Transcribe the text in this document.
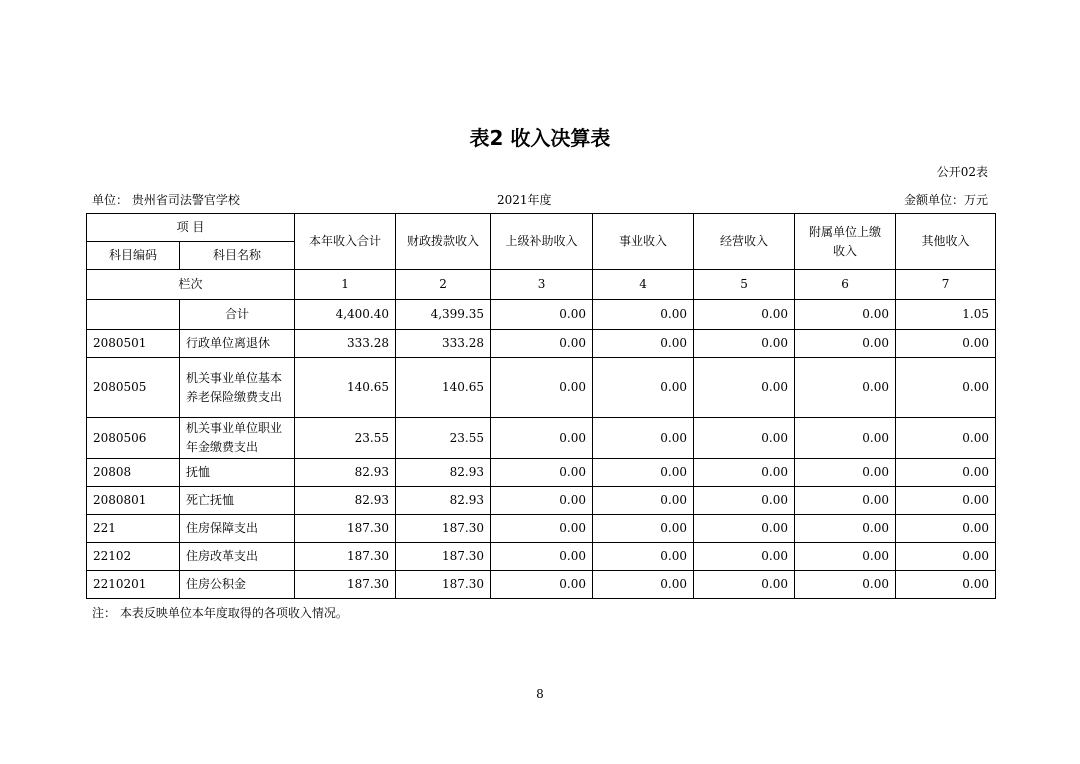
表2 收入决算表
公开02表
单位： 贵州省司法警官学校	2021年度	金额单位：万元
项 目		本年收入合计	财政拨款收入	上级补助收入	事业收入	经营收入	附属单位上缴收入	其他收入
科目编码	科目名称							
栏次		1	2	3	4	5	6	7
	合计	4,400.40	4,399.35	0.00	0.00	0.00	0.00	1.05
2080501	行政单位离退休	333.28	333.28	0.00	0.00	0.00	0.00	0.00
2080505	机关事业单位基本养老保险缴费支出	140.65	140.65	0.00	0.00	0.00	0.00	0.00
2080506	机关事业单位职业年金缴费支出	23.55	23.55	0.00	0.00	0.00	0.00	0.00
20808	抚恤	82.93	82.93	0.00	0.00	0.00	0.00	0.00
2080801	死亡抚恤	82.93	82.93	0.00	0.00	0.00	0.00	0.00
221	住房保障支出	187.30	187.30	0.00	0.00	0.00	0.00	0.00
22102	住房改革支出	187.30	187.30	0.00	0.00	0.00	0.00	0.00
2210201	住房公积金	187.30	187.30	0.00	0.00	0.00	0.00	0.00
注： 本表反映单位本年度取得的各项收入情况。
8
